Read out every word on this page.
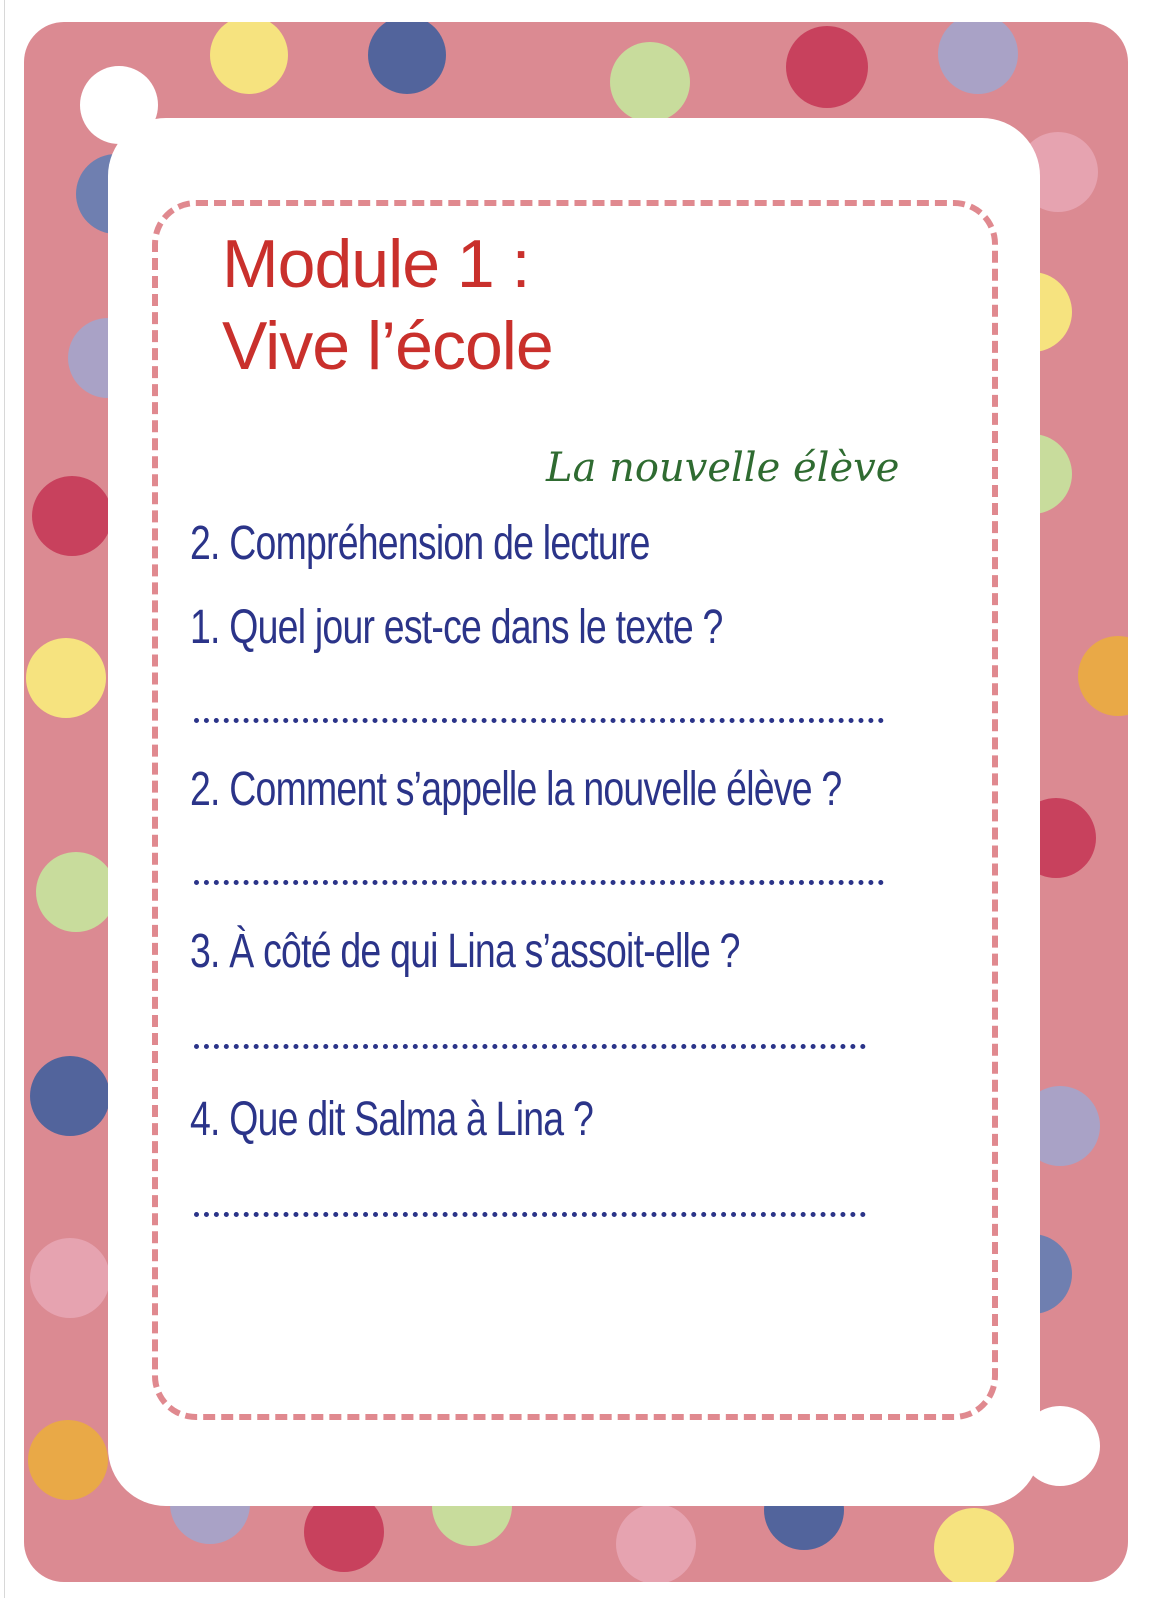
Module 1 :
Vive l’école
La nouvelle élève
2. Compréhension de lecture
1. Quel jour est-ce dans le texte ?
2. Comment s’appelle la nouvelle élève ?
3. À côté de qui Lina s’assoit-elle ?
4. Que dit Salma à Lina ?
